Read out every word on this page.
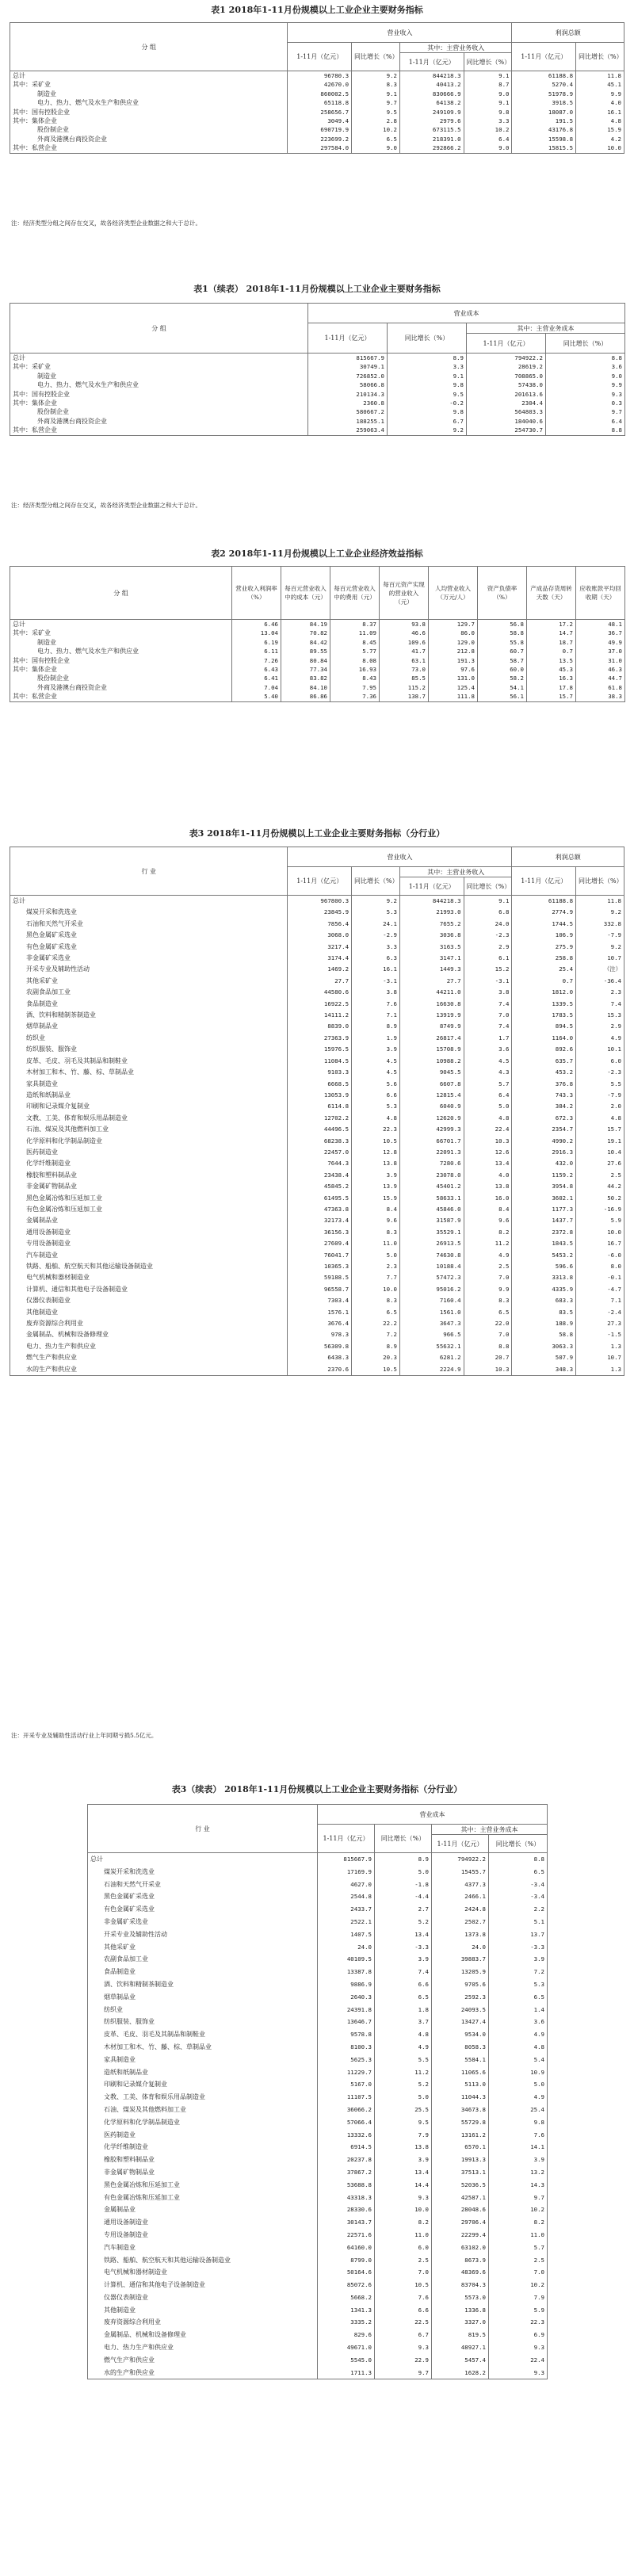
表1 2018年1-11月份规模以上工业企业主要财务指标
分 组	营业收入				利润总额	
	1-11月（亿元）	同比增长（%）	其中：主营业务收入		1-11月（亿元）	同比增长（%）
			1-11月（亿元）	同比增长（%）		
总计	96780.3	9.2	844218.3	9.1	61188.8	11.8
其中：采矿业	42670.0	8.3	40413.2	8.7	5270.4	45.1
制造业	860002.5	9.1	830666.9	9.0	51978.9	9.9
电力、热力、燃气及水生产和供应业	65118.8	9.7	64138.2	9.1	3918.5	4.0
其中：国有控股企业	258656.7	9.5	249109.9	9.8	18087.0	16.1
其中：集体企业	3049.4	2.8	2979.6	3.3	191.5	4.8
股份制企业	690719.9	10.2	673115.5	10.2	43176.8	15.9
外商及港澳台商投资企业	223699.2	6.5	218391.0	6.4	15598.8	4.2
其中：私营企业	297584.0	9.0	292866.2	9.0	15815.5	10.0
注：经济类型分组之间存在交叉，故各经济类型企业数据之和大于总计。
表1（续表） 2018年1-11月份规模以上工业企业主要财务指标
分 组	营业成本			
	1-11月（亿元）	同比增长（%）	其中：主营业务成本	
			1-11月（亿元）	同比增长（%）
总计	815667.9	8.9	794922.2	8.8
其中：采矿业	30749.1	3.3	28619.2	3.6
制造业	726852.0	9.1	708865.0	9.0
电力、热力、燃气及水生产和供应业	58066.8	9.8	57438.0	9.9
其中：国有控股企业	210134.3	9.5	201613.6	9.3
其中：集体企业	2360.8	-0.2	2304.4	0.3
股份制企业	580667.2	9.8	564803.3	9.7
外商及港澳台商投资企业	188255.1	6.7	184040.6	6.4
其中：私营企业	259063.4	9.2	254730.7	8.8
注：经济类型分组之间存在交叉，故各经济类型企业数据之和大于总计。
表2 2018年1-11月份规模以上工业企业经济效益指标
分 组	营业收入利润率（%）	每百元营业收入中的成本（元）	每百元营业收入中的费用（元）	每百元资产实现的营业收入（元）	人均营业收入（万元/人）	资产负债率（%）	产成品存货周转天数（天）	应收账款平均回收期（天）
总计	6.46	84.19	8.37	93.8	129.7	56.8	17.2	48.1
其中：采矿业	13.04	70.82	11.09	46.6	86.0	58.8	14.7	36.7
制造业	6.19	84.42	8.45	109.6	129.0	55.8	18.7	49.9
电力、热力、燃气及水生产和供应业	6.11	89.55	5.77	41.7	212.8	60.7	0.7	37.0
其中：国有控股企业	7.26	80.84	8.08	63.1	191.3	58.7	13.5	31.0
其中：集体企业	6.43	77.34	16.93	73.0	97.6	60.0	45.3	46.3
股份制企业	6.41	83.82	8.43	85.5	131.0	58.2	16.3	44.7
外商及港澳台商投资企业	7.04	84.10	7.95	115.2	125.4	54.1	17.8	61.8
其中：私营企业	5.40	86.86	7.36	138.7	111.8	56.1	15.7	38.3
表3 2018年1-11月份规模以上工业企业主要财务指标（分行业）
行 业	营业收入				利润总额	
	1-11月（亿元）	同比增长（%）	其中：主营业务收入		1-11月（亿元）	同比增长（%）
			1-11月（亿元）	同比增长（%）		
总计	967800.3	9.2	844218.3	9.1	61188.8	11.8
煤炭开采和洗选业	23845.9	5.3	21993.0	6.8	2774.9	9.2
石油和天然气开采业	7856.4	24.1	7655.2	24.0	1744.5	332.8
黑色金属矿采选业	3068.0	-2.9	3036.8	-2.3	106.9	-7.9
有色金属矿采选业	3217.4	3.3	3163.5	2.9	275.9	9.2
非金属矿采选业	3174.4	6.3	3147.1	6.1	258.8	10.7
开采专业及辅助性活动	1469.2	16.1	1449.3	15.2	25.4	（注）
其他采矿业	27.7	-3.1	27.7	-3.1	0.7	-36.4
农副食品加工业	44580.6	3.8	44211.0	3.8	1812.0	2.3
食品制造业	16922.5	7.6	16630.8	7.4	1339.5	7.4
酒、饮料和精制茶制造业	14111.2	7.1	13919.9	7.0	1783.5	15.3
烟草制品业	8839.0	8.9	8749.9	7.4	894.5	2.9
纺织业	27363.9	1.9	26817.4	1.7	1164.0	4.9
纺织服装、服饰业	15976.5	3.9	15708.9	3.6	892.6	10.1
皮革、毛皮、羽毛及其制品和制鞋业	11084.5	4.5	10988.2	4.5	635.7	6.0
木材加工和木、竹、藤、棕、草制品业	9103.3	4.5	9045.5	4.3	453.2	-2.3
家具制造业	6668.5	5.6	6607.8	5.7	376.8	5.5
造纸和纸制品业	13053.9	6.6	12815.4	6.4	743.3	-7.9
印刷和记录媒介复制业	6114.8	5.3	6040.9	5.0	384.2	2.0
文教、工美、体育和娱乐用品制造业	12702.2	4.8	12620.9	4.8	672.3	4.8
石油、煤炭及其他燃料加工业	44496.5	22.3	42999.3	22.4	2354.7	15.7
化学原料和化学制品制造业	68238.3	10.5	66701.7	10.3	4990.2	19.1
医药制造业	22457.0	12.8	22091.3	12.6	2916.3	10.4
化学纤维制造业	7644.3	13.8	7280.6	13.4	432.0	27.6
橡胶和塑料制品业	23438.4	3.9	23078.0	4.0	1159.2	2.5
非金属矿物制品业	45845.2	13.9	45401.2	13.8	3954.8	44.2
黑色金属冶炼和压延加工业	61495.5	15.9	58633.1	16.0	3602.1	50.2
有色金属冶炼和压延加工业	47363.8	8.4	45846.0	8.4	1177.3	-16.9
金属制品业	32173.4	9.6	31587.9	9.6	1437.7	5.9
通用设备制造业	36156.3	8.3	35529.1	8.2	2372.8	10.0
专用设备制造业	27609.4	11.0	26913.5	11.2	1843.5	16.7
汽车制造业	76041.7	5.0	74630.8	4.9	5453.2	-6.0
铁路、船舶、航空航天和其他运输设备制造业	10365.3	2.3	10188.4	2.5	596.6	8.0
电气机械和器材制造业	59188.5	7.7	57472.3	7.0	3313.8	-0.1
计算机、通信和其他电子设备制造业	96558.7	10.0	95016.2	9.9	4335.9	-4.7
仪器仪表制造业	7303.4	8.3	7160.4	8.3	683.3	7.1
其他制造业	1576.1	6.5	1561.0	6.5	83.5	-2.4
废弃资源综合利用业	3676.4	22.2	3647.3	22.0	188.9	27.3
金属制品、机械和设备修理业	978.3	7.2	966.5	7.0	58.8	-1.5
电力、热力生产和供应业	56309.8	8.9	55632.1	8.8	3063.3	1.3
燃气生产和供应业	6438.3	20.3	6281.2	20.7	507.9	10.7
水的生产和供应业	2370.6	10.5	2224.9	10.3	348.3	1.3
注：开采专业及辅助性活动行业上年同期亏损5.5亿元。
表3（续表） 2018年1-11月份规模以上工业企业主要财务指标（分行业）
行 业	营业成本			
	1-11月（亿元）	同比增长（%）	其中：主营业务成本	
			1-11月（亿元）	同比增长（%）
总计	815667.9	8.9	794922.2	8.8
煤炭开采和洗选业	17169.9	5.0	15455.7	6.5
石油和天然气开采业	4627.0	-1.8	4377.3	-3.4
黑色金属矿采选业	2544.8	-4.4	2466.1	-3.4
有色金属矿采选业	2433.7	2.7	2424.8	2.2
非金属矿采选业	2522.1	5.2	2502.7	5.1
开采专业及辅助性活动	1407.5	13.4	1373.8	13.7
其他采矿业	24.0	-3.3	24.0	-3.3
农副食品加工业	40109.5	3.9	39883.7	3.9
食品制造业	13387.8	7.4	13205.9	7.2
酒、饮料和精制茶制造业	9886.9	6.6	9705.6	5.3
烟草制品业	2640.3	6.5	2592.3	6.5
纺织业	24391.8	1.8	24093.5	1.4
纺织服装、服饰业	13646.7	3.7	13427.4	3.6
皮革、毛皮、羽毛及其制品和制鞋业	9578.8	4.8	9534.0	4.9
木材加工和木、竹、藤、棕、草制品业	8100.3	4.9	8058.3	4.8
家具制造业	5625.3	5.5	5584.1	5.4
造纸和纸制品业	11229.7	11.2	11065.6	10.9
印刷和记录媒介复制业	5167.0	5.2	5113.0	5.0
文教、工美、体育和娱乐用品制造业	11107.5	5.0	11044.3	4.9
石油、煤炭及其他燃料加工业	36066.2	25.5	34673.8	25.4
化学原料和化学制品制造业	57066.4	9.5	55729.8	9.8
医药制造业	13332.6	7.9	13161.2	7.6
化学纤维制造业	6914.5	13.8	6570.1	14.1
橡胶和塑料制品业	20237.8	3.9	19913.3	3.9
非金属矿物制品业	37867.2	13.4	37513.1	13.2
黑色金属冶炼和压延加工业	53688.8	14.4	52036.5	14.3
有色金属冶炼和压延加工业	43318.3	9.3	42587.1	9.7
金属制品业	28330.6	10.0	28048.6	10.2
通用设备制造业	30143.7	8.2	29706.4	8.2
专用设备制造业	22571.6	11.0	22299.4	11.0
汽车制造业	64160.0	6.0	63102.0	5.7
铁路、船舶、航空航天和其他运输设备制造业	8799.0	2.5	8673.9	2.5
电气机械和器材制造业	50164.6	7.0	48369.6	7.0
计算机、通信和其他电子设备制造业	85072.6	10.5	83704.3	10.2
仪器仪表制造业	5668.2	7.6	5573.0	7.9
其他制造业	1341.3	6.6	1336.8	5.9
废弃资源综合利用业	3335.2	22.5	3327.0	22.3
金属制品、机械和设备修理业	829.6	6.7	819.5	6.9
电力、热力生产和供应业	49671.0	9.3	48927.1	9.3
燃气生产和供应业	5545.0	22.9	5457.4	22.4
水的生产和供应业	1711.3	9.7	1628.2	9.3
